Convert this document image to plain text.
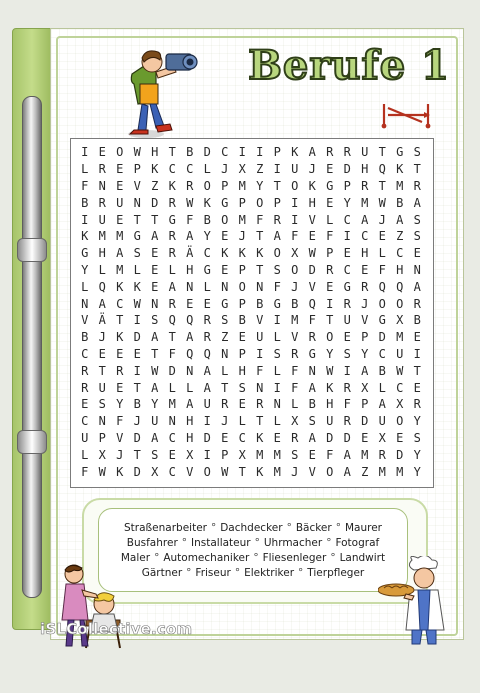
Berufe 1
I E O W H T B D C I I P K A R R U T G S
L R E P K C C L J X Z I U J E D H Q K T
F N E V Z K R O P M Y T O K G P R T M R
B R U N D R W K G P O P I H E Y M W B A
I U E T T G F B O M F R I V L C A J A S
K M M G A R A Y E J T A F E F I C E Z S
G H A S E R Ä C K K K O X W P E H L C E
Y L M L E L H G E P T S O D R C E F H N
L Q K K E A N L N O N F J V E G R Q Q A
N A C W N R E E G P B G B Q I R J O O R
V Ä T I S Q Q R S B V I M F T U V G X B
B J K D A T A R Z E U L V R O E P D M E
C E E E T F Q Q N P I S R G Y S Y C U I
R T R I W D N A L H F L F N W I A B W T
R U E T A L L A T S N I F A K R X L C E
E S Y B Y M A U R E R N L B H F P A X R
C N F J U N H I J L T L X S U R D U O Y
U P V D A C H D E C K E R A D D E X E S
L X J T S E X I P X M M S E F A M R D Y
F W K D X C V O W T K M J V O A Z M M Y
Straßenarbeiter ° Dachdecker ° Bäcker ° Maurer
Busfahrer ° Installateur ° Uhrmacher ° Fotograf
Maler ° Automechaniker ° Fliesenleger ° Landwirt
Gärtner ° Friseur ° Elektriker ° Tierpfleger
iSLCollective.com
